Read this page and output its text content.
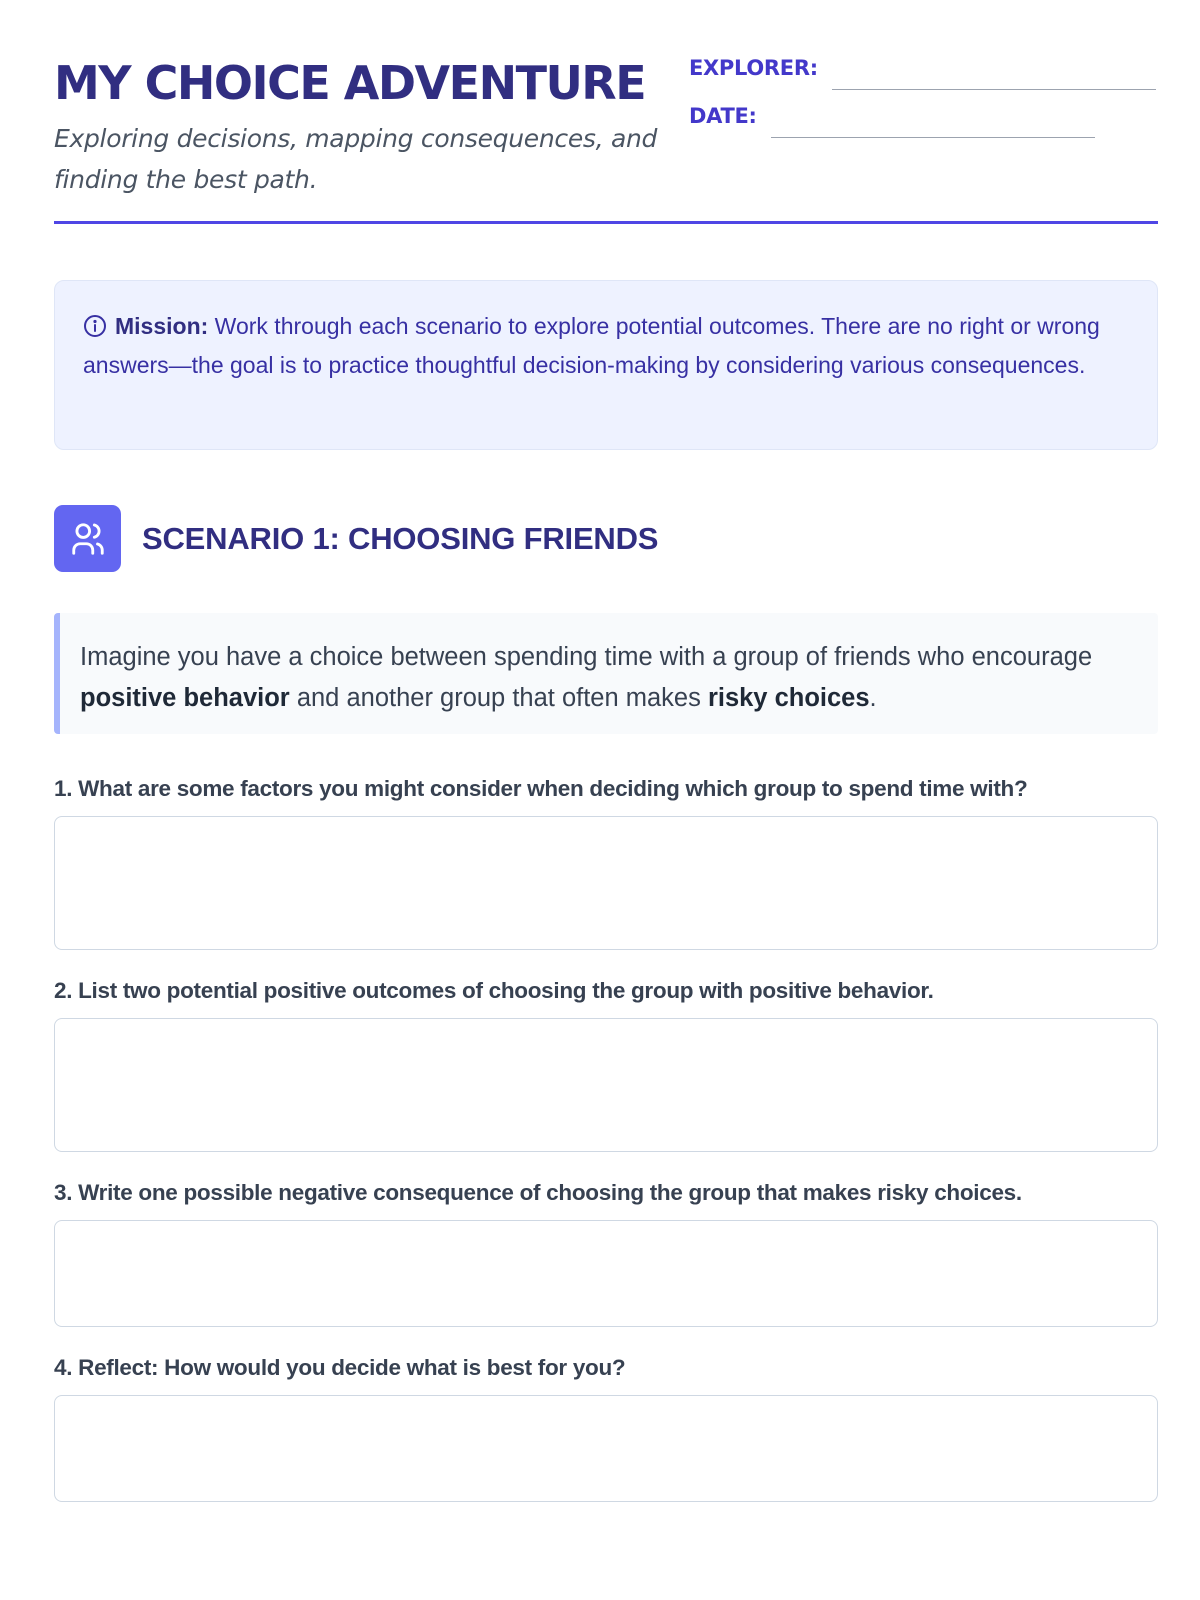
MY CHOICE ADVENTURE
Exploring decisions, mapping consequences, and finding the best path.
EXPLORER:
DATE:
Mission: Work through each scenario to explore potential outcomes. There are no right or wrong answers—the goal is to practice thoughtful decision-making by considering various consequences.
SCENARIO 1: CHOOSING FRIENDS
Imagine you have a choice between spending time with a group of friends who encourage positive behavior and another group that often makes risky choices.
1. What are some factors you might consider when deciding which group to spend time with?
2. List two potential positive outcomes of choosing the group with positive behavior.
3. Write one possible negative consequence of choosing the group that makes risky choices.
4. Reflect: How would you decide what is best for you?
